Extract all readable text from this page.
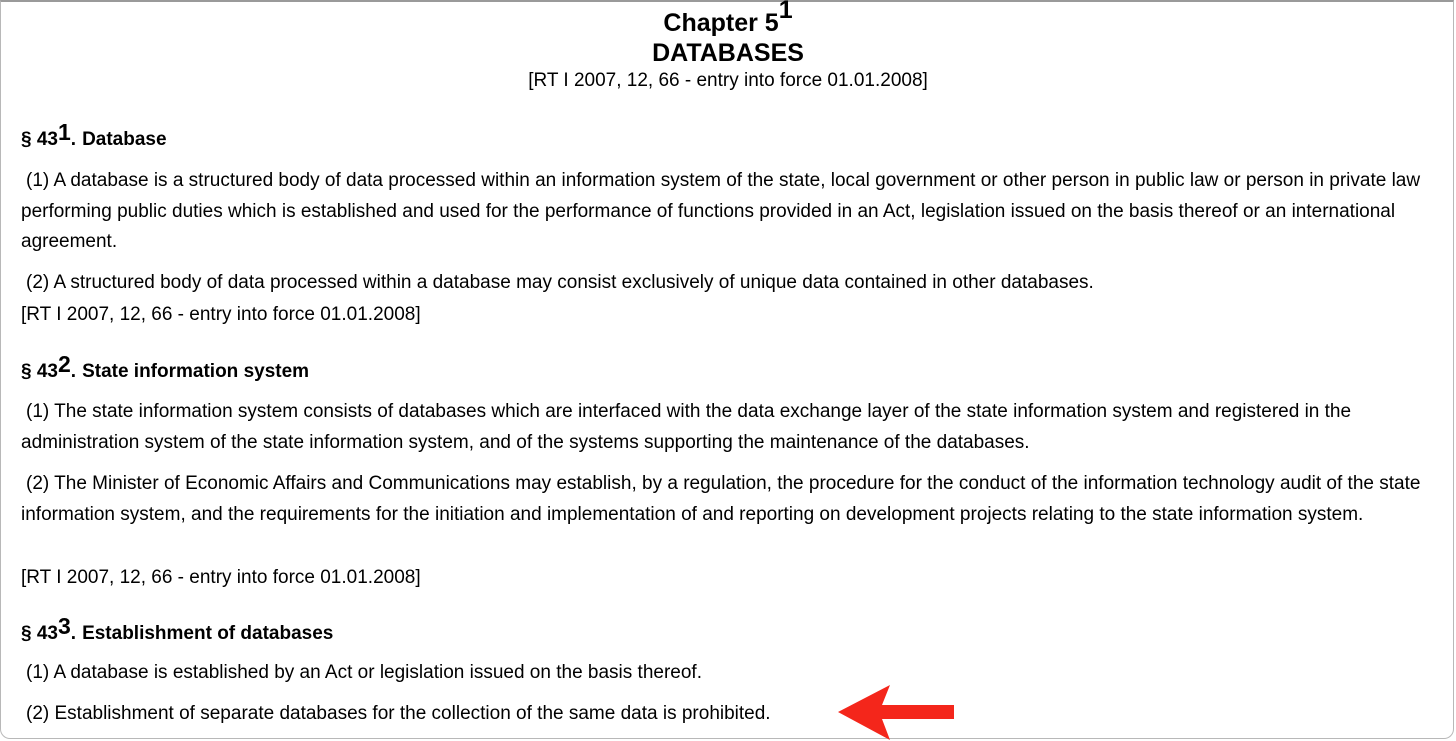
Chapter $5^1$
DATABASES
[RT I 2007, 12, 66 - entry into force 01.01.2008]
§ $43^1$. Database
(1) A database is a structured body of data processed within an information system of the state, local government or other person in public law or person in private law performing public duties which is established and used for the performance of functions provided in an Act, legislation issued on the basis thereof or an international agreement.
(2) A structured body of data processed within a database may consist exclusively of unique data contained in other databases.
[RT I 2007, 12, 66 - entry into force 01.01.2008]
§ $43^2$. State information system
(1) The state information system consists of databases which are interfaced with the data exchange layer of the state information system and registered in the administration system of the state information system, and of the systems supporting the maintenance of the databases.
(2) The Minister of Economic Affairs and Communications may establish, by a regulation, the procedure for the conduct of the information technology audit of the state information system, and the requirements for the initiation and implementation of and reporting on development projects relating to the state information system.
[RT I 2007, 12, 66 - entry into force 01.01.2008]
§ $43^3$. Establishment of databases
(1) A database is established by an Act or legislation issued on the basis thereof.
(2) Establishment of separate databases for the collection of the same data is prohibited.
